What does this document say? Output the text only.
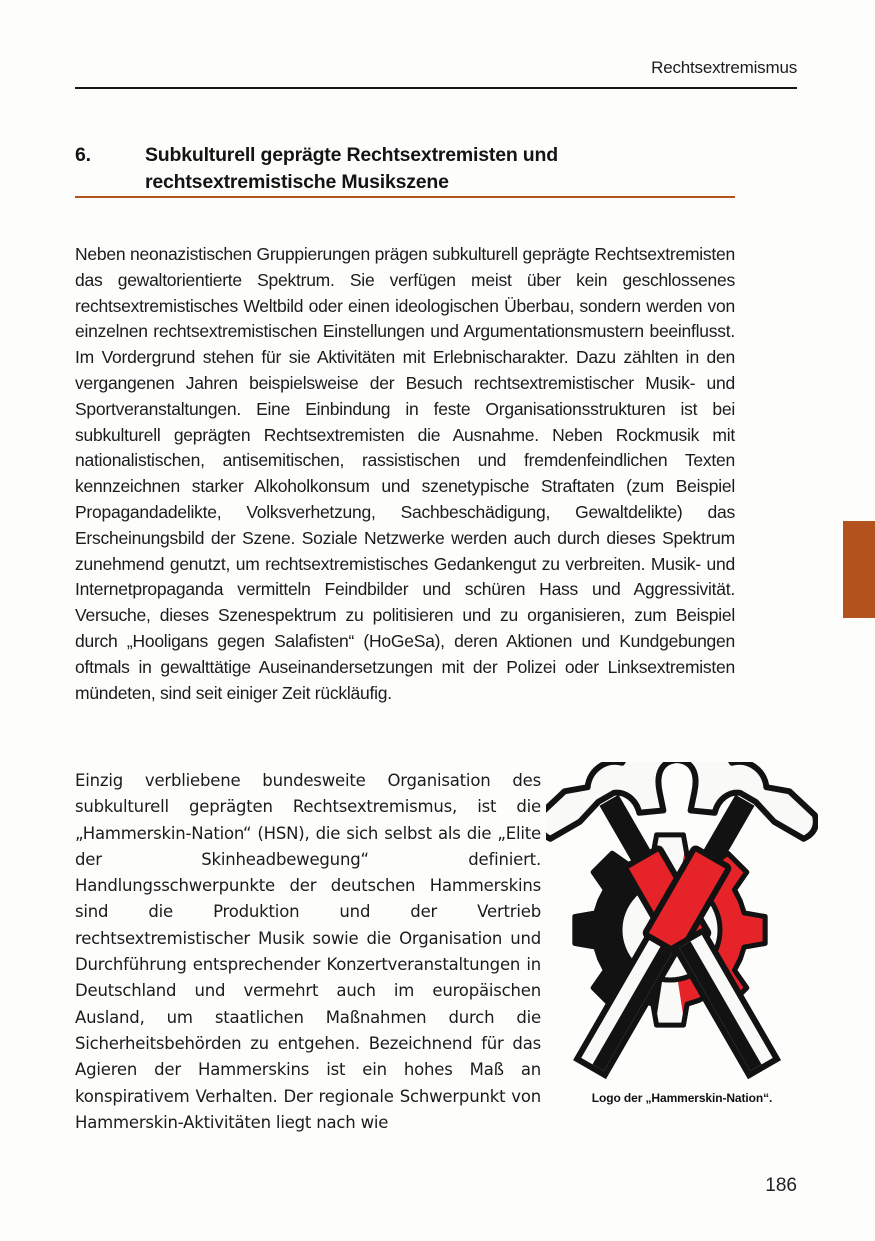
Rechtsextremismus
6.	Subkulturell geprägte Rechtsextremisten und
rechtsextremistische Musikszene
Neben neonazistischen Gruppierungen prägen subkulturell geprägte Rechtsextremisten das gewaltorientierte Spektrum. Sie verfügen meist über kein geschlossenes rechtsextremistisches Weltbild oder einen ideologischen Überbau, sondern werden von einzelnen rechtsextremistischen Einstellungen und Argumentationsmustern beeinflusst. Im Vordergrund stehen für sie Aktivitäten mit Erlebnischarakter. Dazu zählten in den vergangenen Jahren beispielsweise der Besuch rechtsextremistischer Musik- und Sportveranstaltungen. Eine Einbindung in feste Organisationsstrukturen ist bei subkulturell geprägten Rechtsextremisten die Ausnahme. Neben Rockmusik mit nationalistischen, antisemitischen, rassistischen und fremdenfeindlichen Texten kennzeichnen starker Alkoholkonsum und szenetypische Straftaten (zum Beispiel Propagandadelikte, Volksverhetzung, Sachbeschädigung, Gewaltdelikte) das Erscheinungsbild der Szene. Soziale Netzwerke werden auch durch dieses Spektrum zunehmend genutzt, um rechtsextremistisches Gedankengut zu verbreiten. Musik- und Internetpropaganda vermitteln Feindbilder und schüren Hass und Aggressivität. Versuche, dieses Szenespektrum zu politisieren und zu organisieren, zum Beispiel durch „Hooligans gegen Salafisten“ (HoGeSa), deren Aktionen und Kundgebungen oftmals in gewalttätige Auseinandersetzungen mit der Polizei oder Linksextremisten mündeten, sind seit einiger Zeit rückläufig.
Einzig verbliebene bundesweite Organisation des subkulturell geprägten Rechtsextremismus, ist die „Hammerskin-Nation“ (HSN), die sich selbst als die „Elite der Skinheadbewegung“ definiert. Handlungsschwerpunkte der deutschen Hammerskins sind die Produktion und der Vertrieb rechtsextremistischer Musik sowie die Organisation und Durchführung entsprechender Konzertveranstaltungen in Deutschland und vermehrt auch im europäischen Ausland, um staatlichen Maßnahmen durch die Sicherheitsbehörden zu entgehen. Bezeichnend für das Agieren der Hammerskins ist ein hohes Maß an konspirativem Verhalten. Der regionale Schwerpunkt von Hammerskin-Aktivitäten liegt nach wie
Logo der „Hammerskin-Nation“.
186
